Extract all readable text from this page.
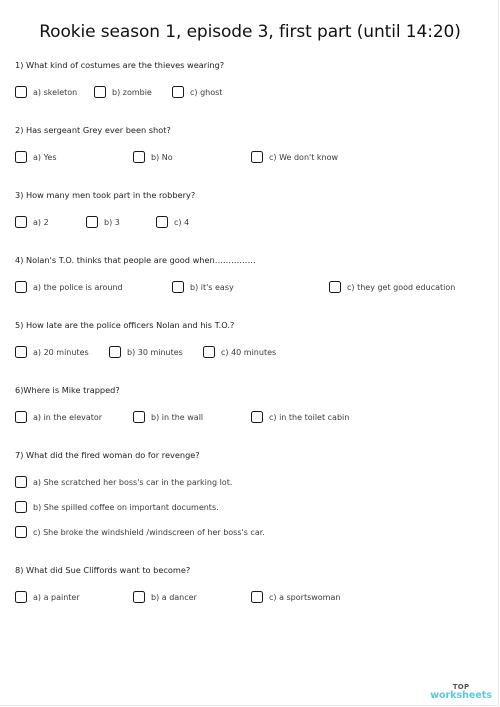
Rookie season 1, episode 3, first part (until 14:20)
1) What kind of costumes are the thieves wearing?
a) skeleton	b) zombie	c) ghost
2) Has sergeant Grey ever been shot?
a) Yes	b) No	c) We don't know
3) How many men took part in the robbery?
a) 2	b) 3	c) 4
4) Nolan's T.O. thinks that people are good when……………
a) the police is around	b) it's easy	c) they get good education
5) How late are the police officers Nolan and his T.O.?
a) 20 minutes	b) 30 minutes	c) 40 minutes
6)Where is Mike trapped?
a) in the elevator	b) in the wall	c) in the toilet cabin
7) What did the fired woman do for revenge?
a) She scratched her boss's car in the parking lot.
b) She spilled coffee on important documents.
c) She broke the windshield /windscreen of her boss's car.
8) What did Sue Cliffords want to become?
a) a painter	b) a dancer	c) a sportswoman
TOP
worksheets
